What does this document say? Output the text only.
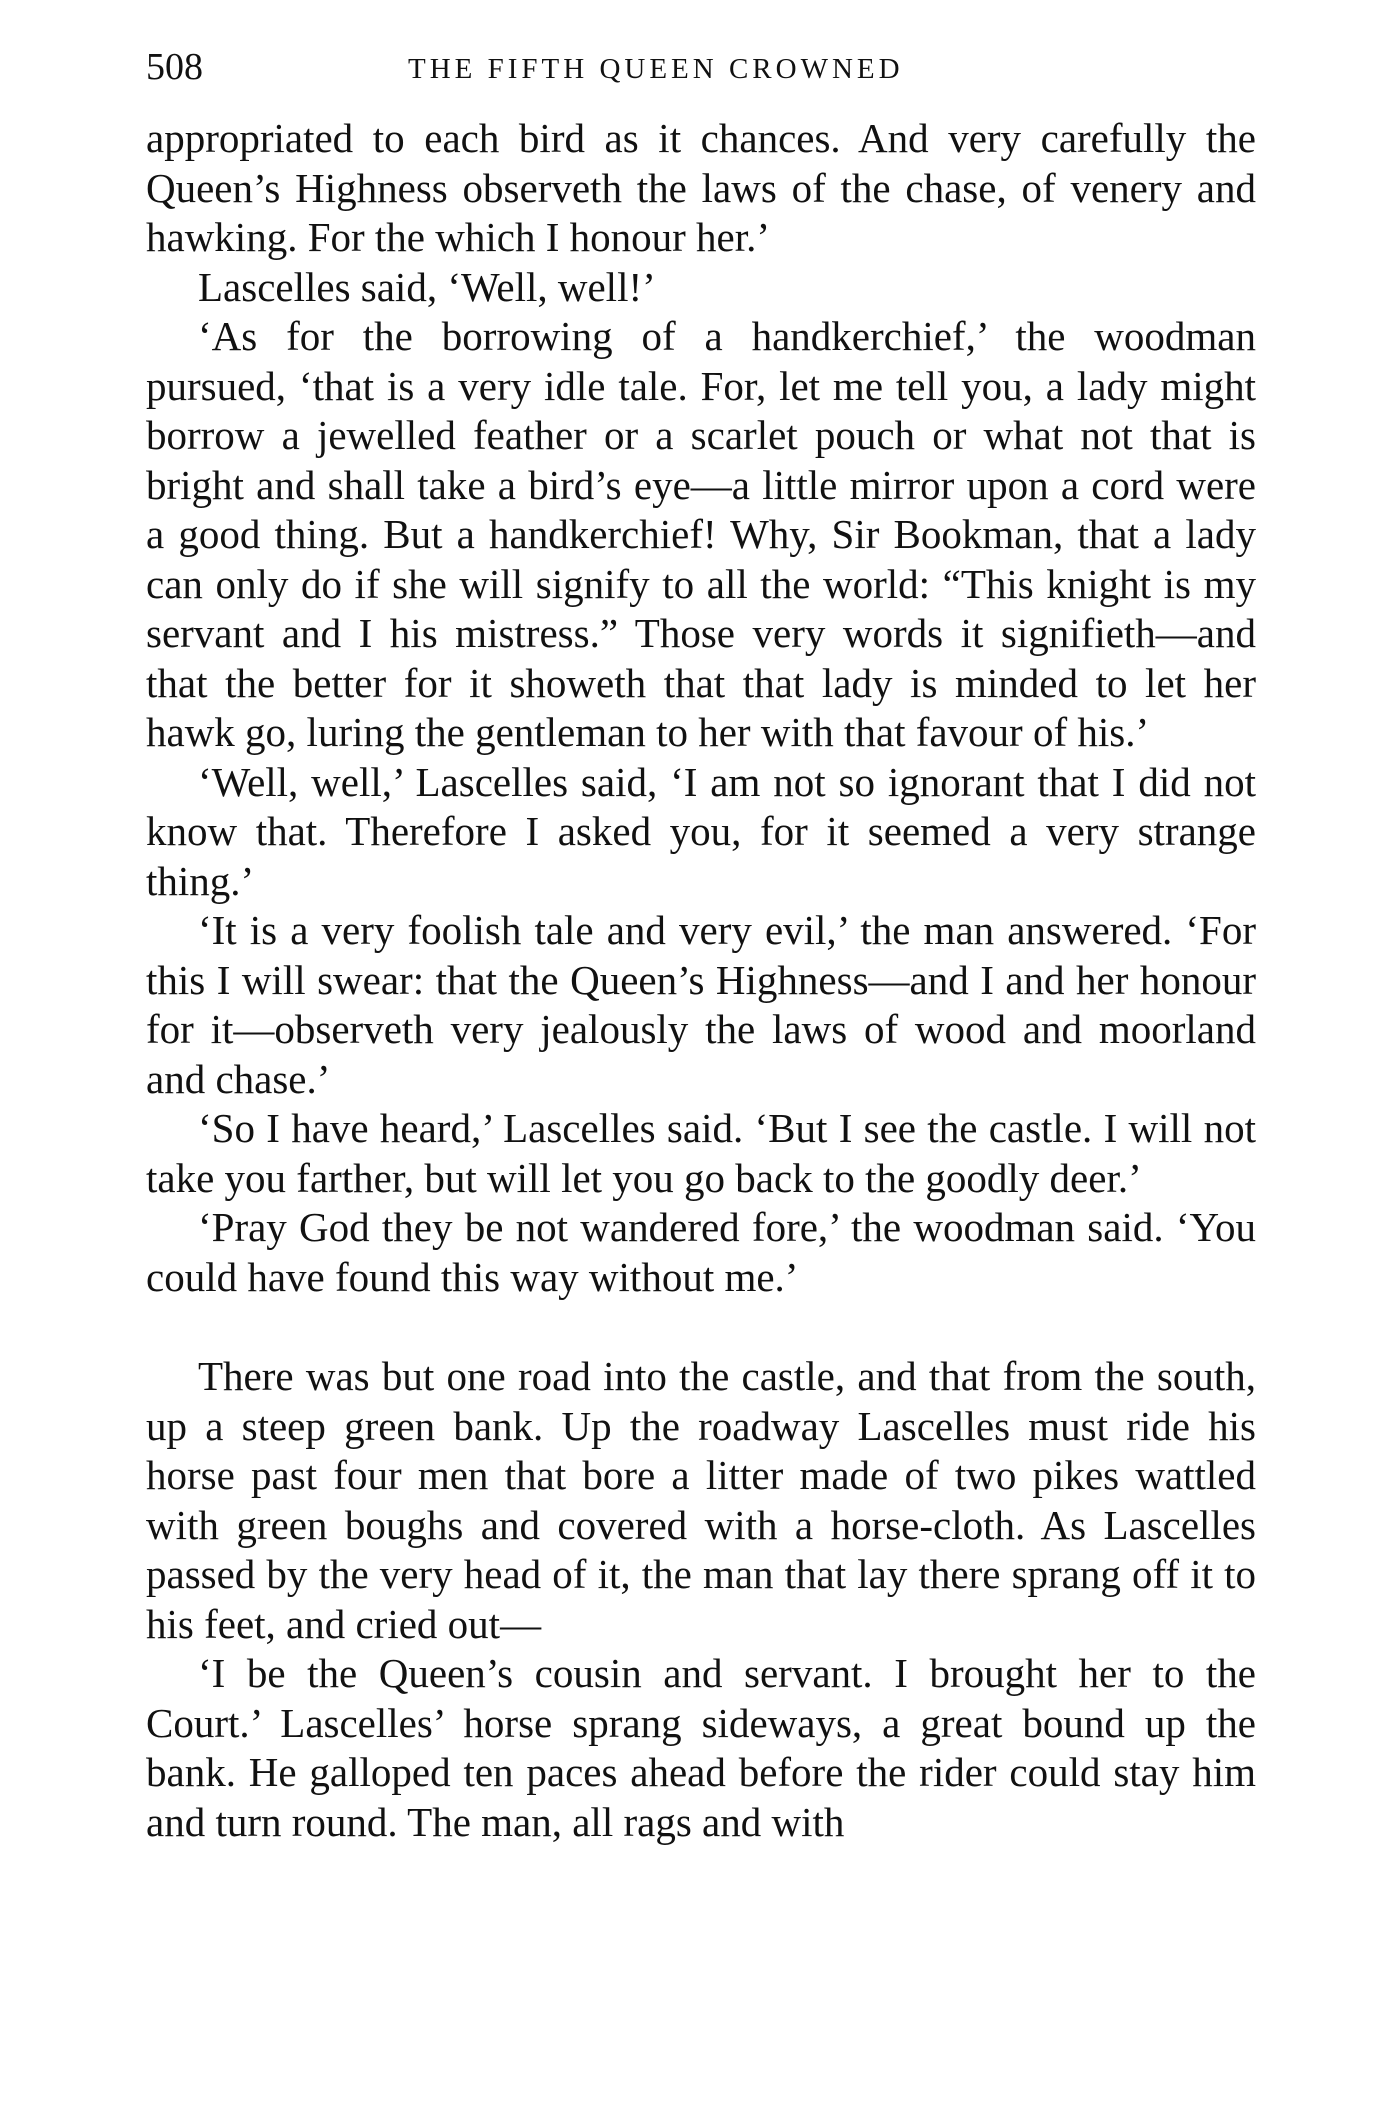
508	THE FIFTH QUEEN CROWNED

appropriated to each bird as it chances. And very carefully the Queen’s Highness observeth the laws of the chase, of venery and hawking. For the which I honour her.’

Lascelles said, ‘Well, well!’

‘As for the borrowing of a handkerchief,’ the woodman pursued, ‘that is a very idle tale. For, let me tell you, a lady might borrow a jewelled feather or a scarlet pouch or what not that is bright and shall take a bird’s eye—a little mirror upon a cord were a good thing. But a handkerchief! Why, Sir Bookman, that a lady can only do if she will signify to all the world: “This knight is my servant and I his mistress.” Those very words it signifieth—and that the better for it showeth that that lady is minded to let her hawk go, luring the gentleman to her with that favour of his.’

‘Well, well,’ Lascelles said, ‘I am not so ignorant that I did not know that. Therefore I asked you, for it seemed a very strange thing.’

‘It is a very foolish tale and very evil,’ the man answered. ‘For this I will swear: that the Queen’s Highness—and I and her honour for it—observeth very jealously the laws of wood and moorland and chase.’

‘So I have heard,’ Lascelles said. ‘But I see the castle. I will not take you farther, but will let you go back to the goodly deer.’

‘Pray God they be not wandered fore,’ the woodman said. ‘You could have found this way without me.’

There was but one road into the castle, and that from the south, up a steep green bank. Up the roadway Lascelles must ride his horse past four men that bore a litter made of two pikes wattled with green boughs and covered with a horse-cloth. As Lascelles passed by the very head of it, the man that lay there sprang off it to his feet, and cried out—

‘I be the Queen’s cousin and servant. I brought her to the Court.’ Lascelles’ horse sprang sideways, a great bound up the bank. He galloped ten paces ahead before the rider could stay him and turn round. The man, all rags and with
